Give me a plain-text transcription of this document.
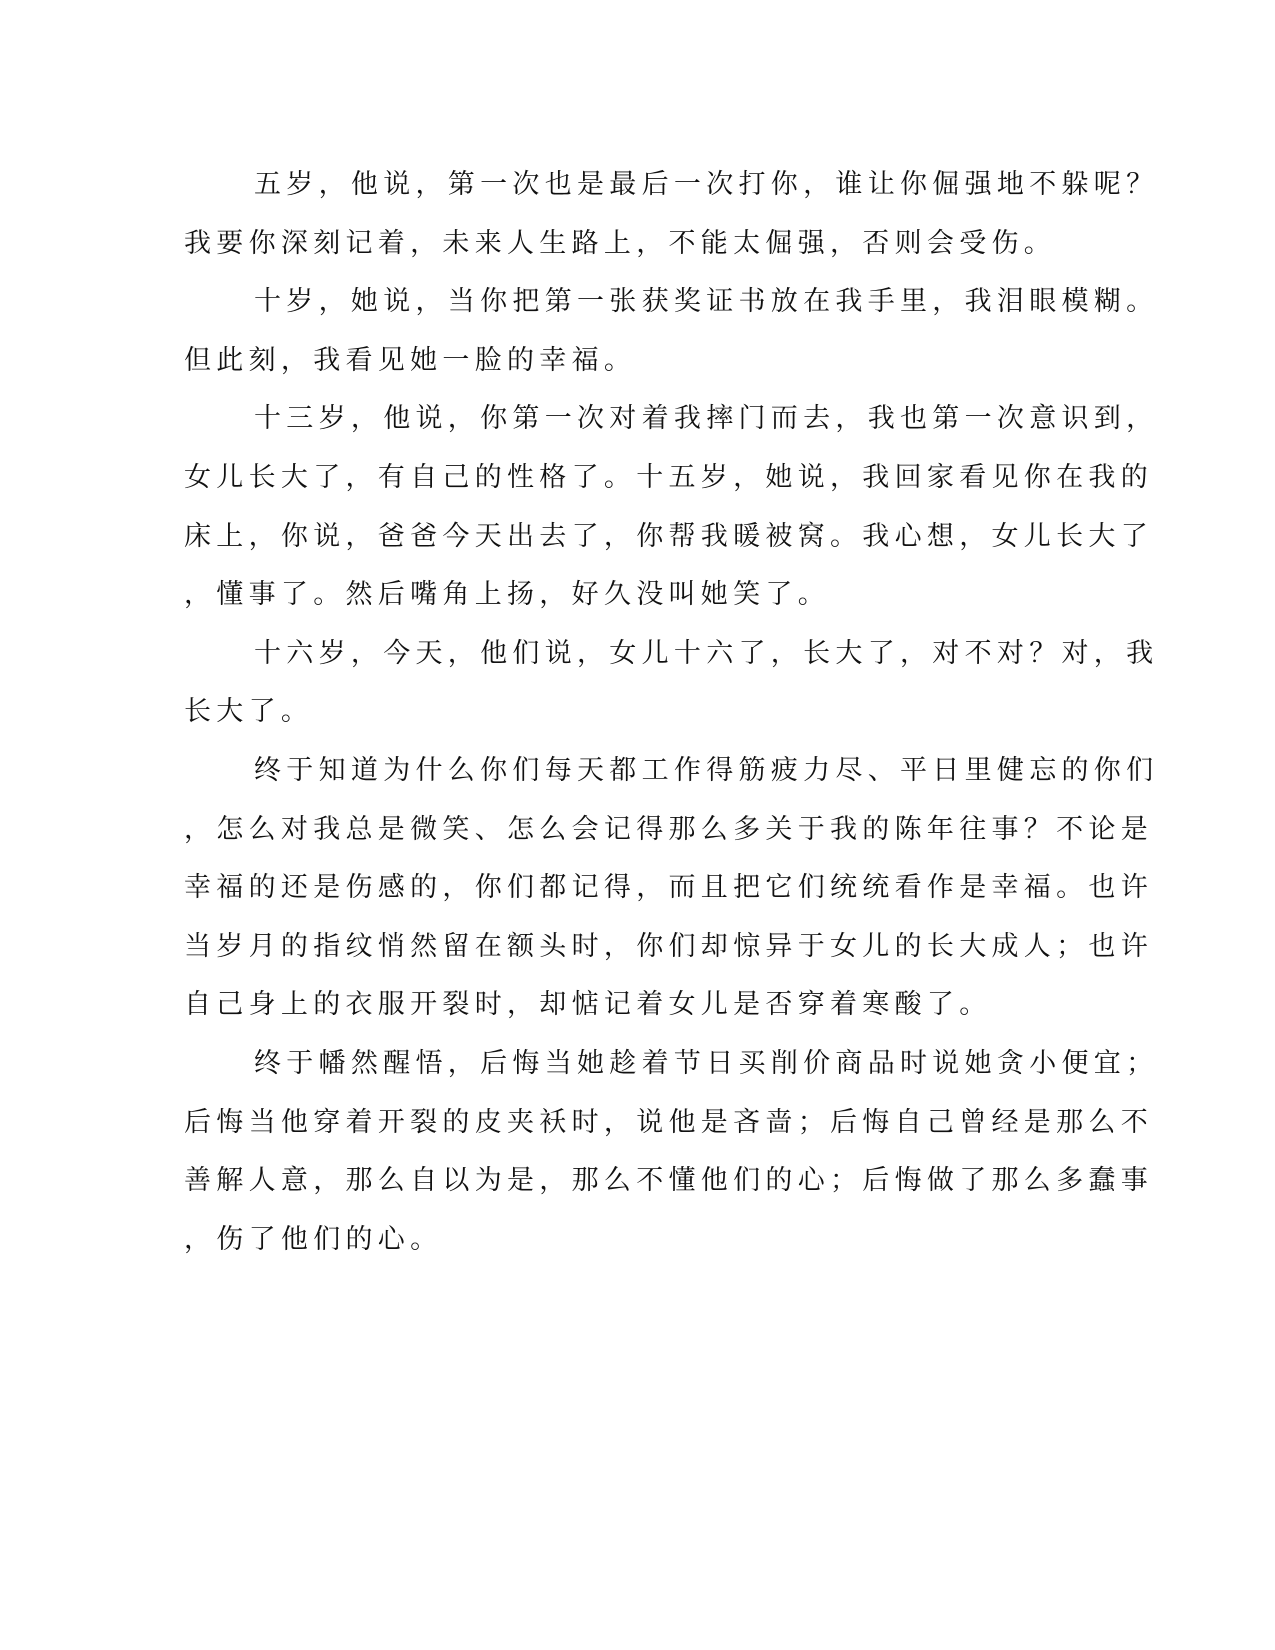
五岁，他说，第一次也是最后一次打你，谁让你倔强地不躲呢？
我要你深刻记着，未来人生路上，不能太倔强，否则会受伤。
十岁，她说，当你把第一张获奖证书放在我手里，我泪眼模糊。
但此刻，我看见她一脸的幸福。
十三岁，他说，你第一次对着我摔门而去，我也第一次意识到，
女儿长大了，有自己的性格了。十五岁，她说，我回家看见你在我的
床上，你说，爸爸今天出去了，你帮我暖被窝。我心想，女儿长大了
，懂事了。然后嘴角上扬，好久没叫她笑了。
十六岁，今天，他们说，女儿十六了，长大了，对不对？对，我
长大了。
终于知道为什么你们每天都工作得筋疲力尽、平日里健忘的你们
，怎么对我总是微笑、怎么会记得那么多关于我的陈年往事？不论是
幸福的还是伤感的，你们都记得，而且把它们统统看作是幸福。也许
当岁月的指纹悄然留在额头时，你们却惊异于女儿的长大成人；也许
自己身上的衣服开裂时，却惦记着女儿是否穿着寒酸了。
终于幡然醒悟，后悔当她趁着节日买削价商品时说她贪小便宜；
后悔当他穿着开裂的皮夹袄时，说他是吝啬；后悔自己曾经是那么不
善解人意，那么自以为是，那么不懂他们的心；后悔做了那么多蠢事
，伤了他们的心。
